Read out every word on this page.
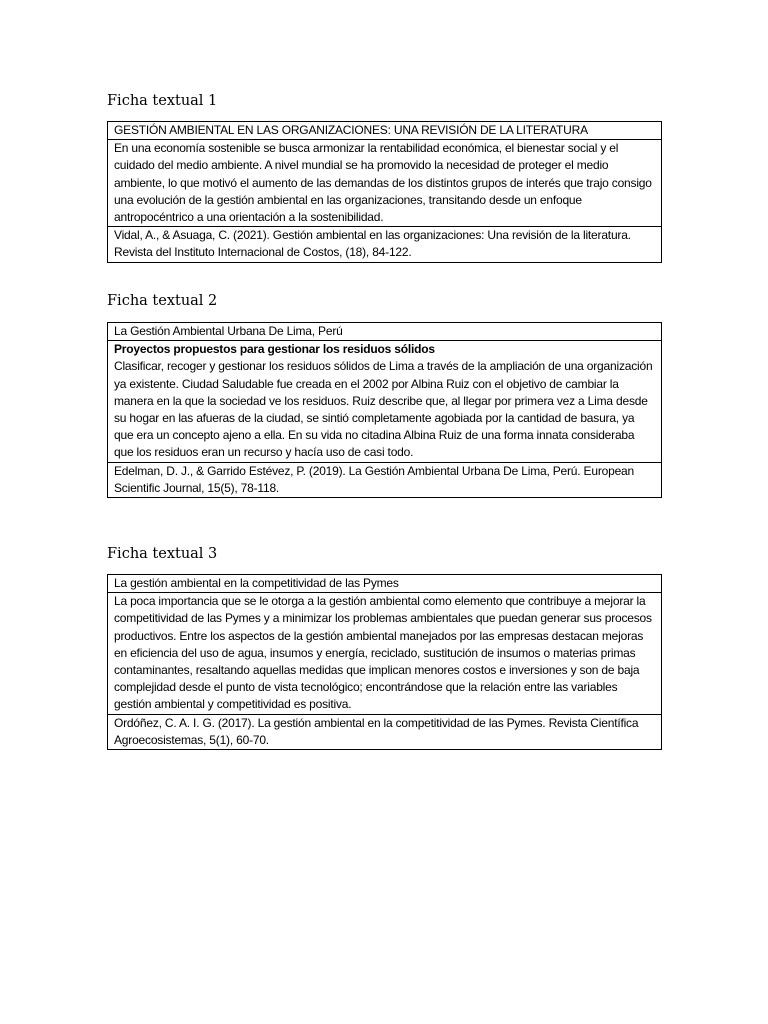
Ficha textual 1

GESTIÓN AMBIENTAL EN LAS ORGANIZACIONES: UNA REVISIÓN DE LA LITERATURA

En una economía sostenible se busca armonizar la rentabilidad económica, el bienestar social y el cuidado del medio ambiente. A nivel mundial se ha promovido la necesidad de proteger el medio ambiente, lo que motivó el aumento de las demandas de los distintos grupos de interés que trajo consigo una evolución de la gestión ambiental en las organizaciones, transitando desde un enfoque antropocéntrico a una orientación a la sostenibilidad.

Vidal, A., & Asuaga, C. (2021). Gestión ambiental en las organizaciones: Una revisión de la literatura. Revista del Instituto Internacional de Costos, (18), 84-122.

Ficha textual 2

La Gestión Ambiental Urbana De Lima, Perú

Proyectos propuestos para gestionar los residuos sólidos

Clasificar, recoger y gestionar los residuos sólidos de Lima a través de la ampliación de una organización ya existente. Ciudad Saludable fue creada en el 2002 por Albina Ruiz con el objetivo de cambiar la manera en la que la sociedad ve los residuos. Ruiz describe que, al llegar por primera vez a Lima desde su hogar en las afueras de la ciudad, se sintió completamente agobiada por la cantidad de basura, ya que era un concepto ajeno a ella. En su vida no citadina Albina Ruiz de una forma innata consideraba que los residuos eran un recurso y hacía uso de casi todo.

Edelman, D. J., & Garrido Estévez, P. (2019). La Gestión Ambiental Urbana De Lima, Perú. European Scientific Journal, 15(5), 78-118.

Ficha textual 3

La gestión ambiental en la competitividad de las Pymes

La poca importancia que se le otorga a la gestión ambiental como elemento que contribuye a mejorar la competitividad de las Pymes y a minimizar los problemas ambientales que puedan generar sus procesos productivos. Entre los aspectos de la gestión ambiental manejados por las empresas destacan mejoras en eficiencia del uso de agua, insumos y energía, reciclado, sustitución de insumos o materias primas contaminantes, resaltando aquellas medidas que implican menores costos e inversiones y son de baja complejidad desde el punto de vista tecnológico; encontrándose que la relación entre las variables gestión ambiental y competitividad es positiva.

Ordóñez, C. A. I. G. (2017). La gestión ambiental en la competitividad de las Pymes. Revista Científica Agroecosistemas, 5(1), 60-70.
